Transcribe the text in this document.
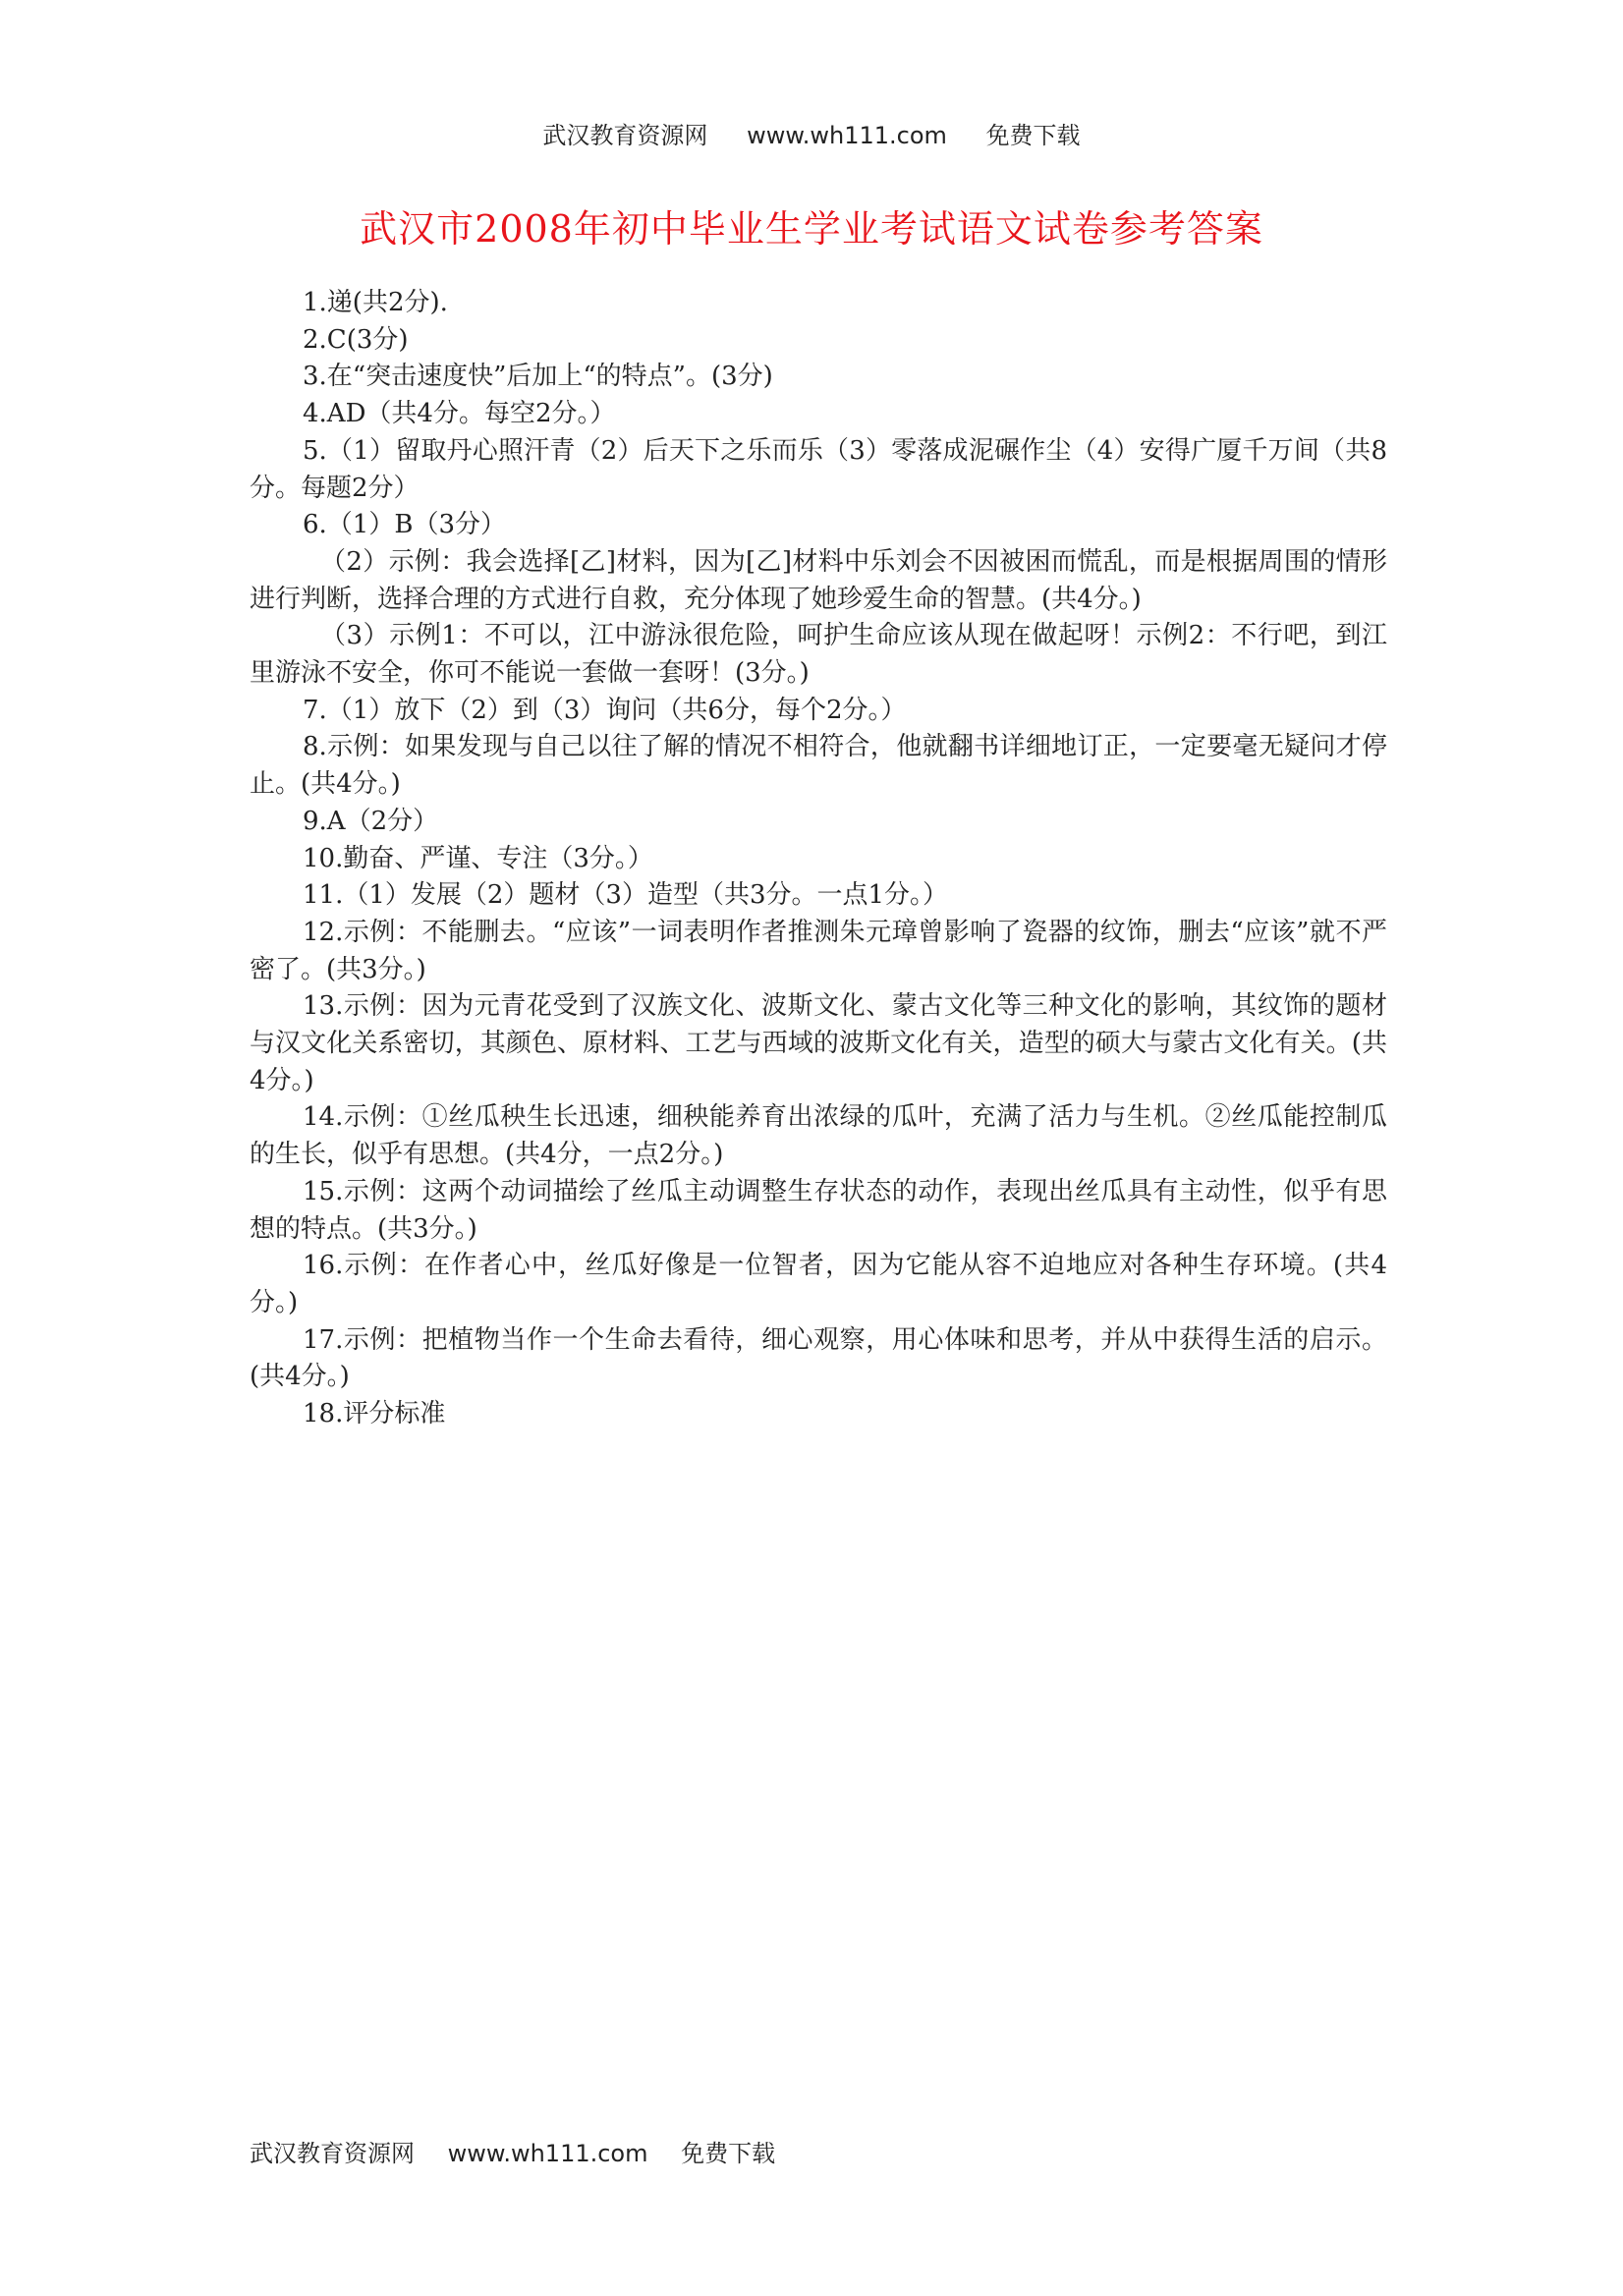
武汉教育资源网 www.wh111.com 免费下载
武汉市2008年初中毕业生学业考试语文试卷参考答案

1.递(共2分).

2.C(3分)

3.在“突击速度快”后加上“的特点”。(3分)

4.AD（共4分。每空2分。）

5.（1）留取丹心照汗青（2）后天下之乐而乐（3）零落成泥碾作尘（4）安得广厦千万间（共8分。每题2分）

6.（1）B（3分）

（2）示例：我会选择[乙]材料，因为[乙]材料中乐刘会不因被困而慌乱，而是根据周围的情形进行判断，选择合理的方式进行自救，充分体现了她珍爱生命的智慧。(共4分。)

（3）示例1：不可以，江中游泳很危险，呵护生命应该从现在做起呀！示例2：不行吧，到江里游泳不安全，你可不能说一套做一套呀！(3分。)

7.（1）放下（2）到（3）询问（共6分，每个2分。）

8.示例：如果发现与自己以往了解的情况不相符合，他就翻书详细地订正，一定要毫无疑问才停止。(共4分。)

9.A（2分）

10.勤奋、严谨、专注（3分。）

11.（1）发展（2）题材（3）造型（共3分。一点1分。）

12.示例：不能删去。“应该”一词表明作者推测朱元璋曾影响了瓷器的纹饰，删去“应该”就不严密了。(共3分。)

13.示例：因为元青花受到了汉族文化、波斯文化、蒙古文化等三种文化的影响，其纹饰的题材与汉文化关系密切，其颜色、原材料、工艺与西域的波斯文化有关，造型的硕大与蒙古文化有关。(共4分。)

14.示例：①丝瓜秧生长迅速，细秧能养育出浓绿的瓜叶，充满了活力与生机。②丝瓜能控制瓜的生长，似乎有思想。(共4分，一点2分。)

15.示例：这两个动词描绘了丝瓜主动调整生存状态的动作，表现出丝瓜具有主动性，似乎有思想的特点。(共3分。)

16.示例：在作者心中，丝瓜好像是一位智者，因为它能从容不迫地应对各种生存环境。(共4分。)

17.示例：把植物当作一个生命去看待，细心观察，用心体味和思考，并从中获得生活的启示。(共4分。)

18.评分标准

武汉教育资源网 www.wh111.com 免费下载
